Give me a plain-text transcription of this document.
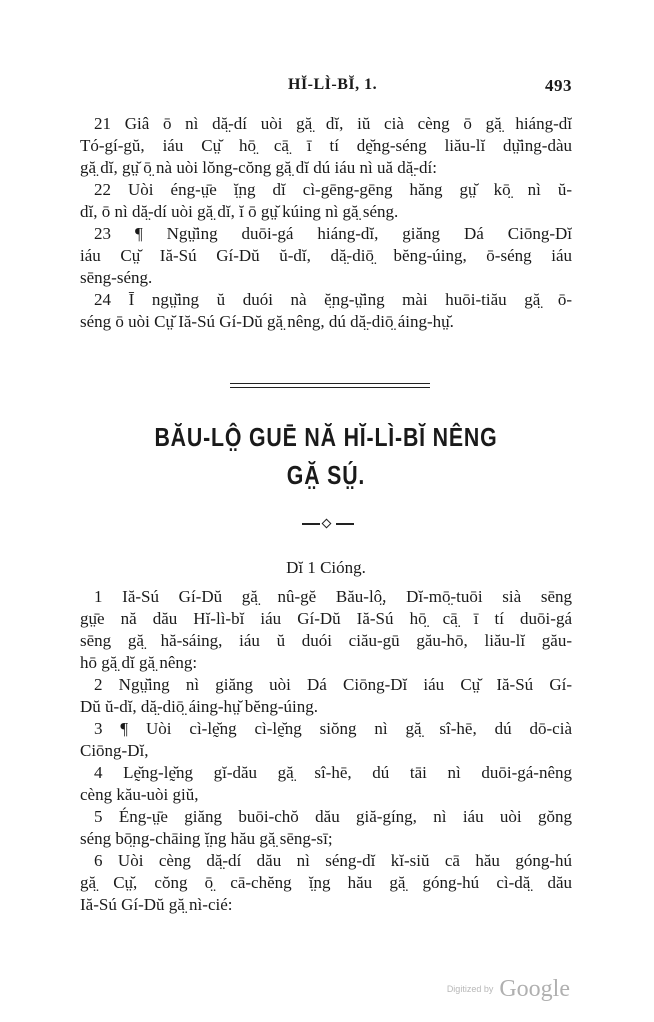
HĬ-LÌ-BĬ, 1.	493
21 Giâ ō nì dă̤-dí uòi gă̤ dĭ, iŭ cià cèng ō gă̤ hiáng-dĭ
Tó-gí-gŭ, iáu Cṳ̆ hō̤ cā̤ ī tí dḛ̆ng-séng liău-lĭ dṳ̆ing-dàu
gă̤ dĭ, gṳ̆ ō̤ nà uòi lŏng-cŏng gă̤ dĭ dú iáu nì uă dă̤-dí:
22 Uòi éng-ṳ̄e ĭ̤ng dĭ cì-gēng-gēng hăng gṳ̆ kō̤ nì ŭ-
dĭ, ō nì dă̤-dí uòi gă̤ dĭ, ĭ ō gṳ̆ kúing nì gă̤ séng.
23 ¶ Ngṳ̆ing duōi-gá hiáng-dĭ, giăng Dá Ciōng-Dĭ
iáu Cṳ̆ Iă-Sú Gí-Dŭ ŭ-dĭ, dă̤-diō̤ bĕng-úing, ō-séng iáu
sēng-séng.
24 Ī ngṳ̆ing ŭ duói nà ĕ̤ng-ṳ̆ing mài huōi-tiău gă̤ ō-
séng ō uòi Cṳ̆ Iă-Sú Gí-Dŭ gă̤ nêng, dú dă̤-diō̤ áing-hṳ̆.
BĂU-LÔ̤ GUĒ NĂ HĬ-LÌ-BĬ NÊNG
GĂ̤ SṲ́.
Dĭ 1 Cióng.
1 Iă-Sú Gí-Dŭ gă̤ nû-gĕ Bău-lô̤, Dĭ-mō̤-tuōi sià sēng
gṳ̄e nă dău Hĭ-lì-bĭ iáu Gí-Dŭ Iă-Sú hō̤ cā̤ ī tí duōi-gá
sēng gă̤ hă-sáing, iáu ŭ duói ciău-gū gău-hō, liău-lĭ gău-
hō gă̤ dĭ gă̤ nêng:
2 Ngṳ̆ing nì giăng uòi Dá Ciōng-Dĭ iáu Cṳ̆ Iă-Sú Gí-
Dŭ ŭ-dĭ, dă̤-diō̤ áing-hṳ̆ bĕng-úing.
3 ¶ Uòi cì-lḛ̆ng cì-lḛ̆ng siŏng nì gă̤ sî-hē, dú dō-cià
Ciōng-Dĭ,
4 Lḛ̆ng-lḛ̆ng gĭ-dău gă̤ sî-hē, dú tāi nì duōi-gá-nêng
cèng kău-uòi giŭ,
5 Éng-ṳ̄e giăng buōi-chŏ dău giă-gíng, nì iáu uòi gŏng
séng bō̤ng-chāing ĭ̤ng hău gă̤ sēng-sī;
6 Uòi cèng dă̤-dí dău nì séng-dĭ kĭ-siŭ cā hău góng-hú
gă̤ Cṳ̆, cŏng ō̤ cā-chĕng ĭ̤ng hău gă̤ góng-hú cì-dă̤ dău
Iă-Sú Gí-Dŭ gă̤ nì-cié:
$^{Digitized by}$ Google
